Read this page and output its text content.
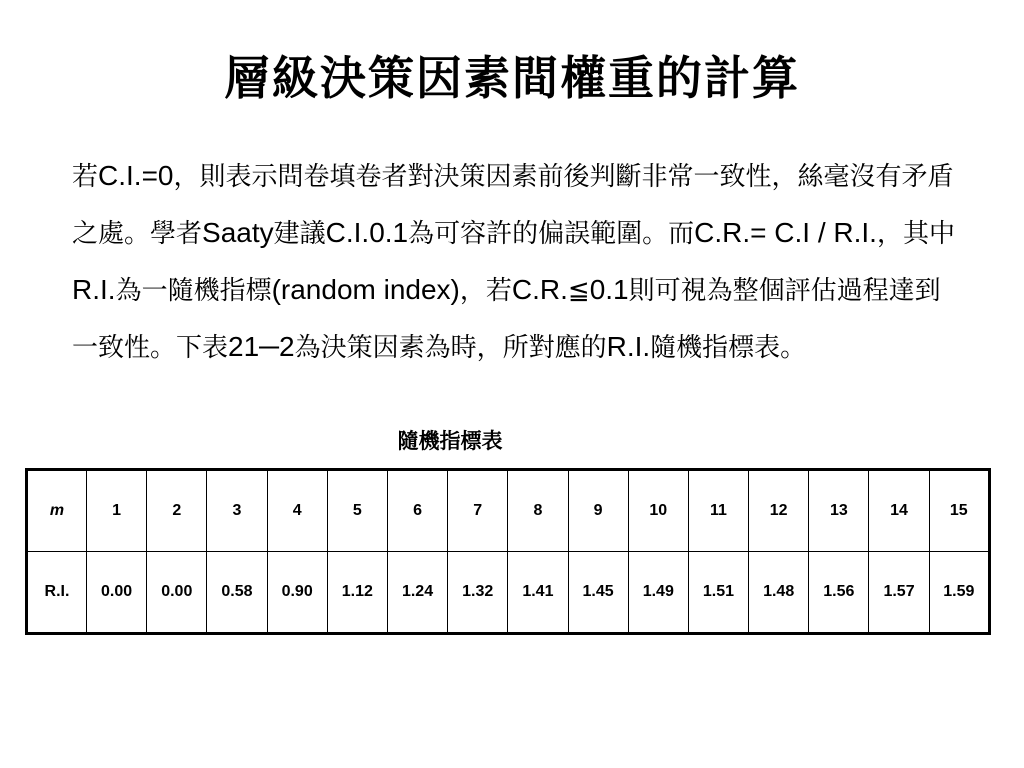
層級決策因素間權重的計算
若C.I.=0，則表示問卷填卷者對決策因素前後判斷非常一致性，絲毫沒有矛盾之處。學者Saaty建議C.I.0.1為可容許的偏誤範圍。而C.R.= C.I / R.I.，其中R.I.為一隨機指標(random index)，若C.R.≦0.1則可視為整個評估過程達到一致性。下表21─2為決策因素為時，所對應的R.I.隨機指標表。
隨機指標表
m	1	2	3	4	5	6	7	8	9	10	11	12	13	14	15
R.I.	0.00	0.00	0.58	0.90	1.12	1.24	1.32	1.41	1.45	1.49	1.51	1.48	1.56	1.57	1.59
